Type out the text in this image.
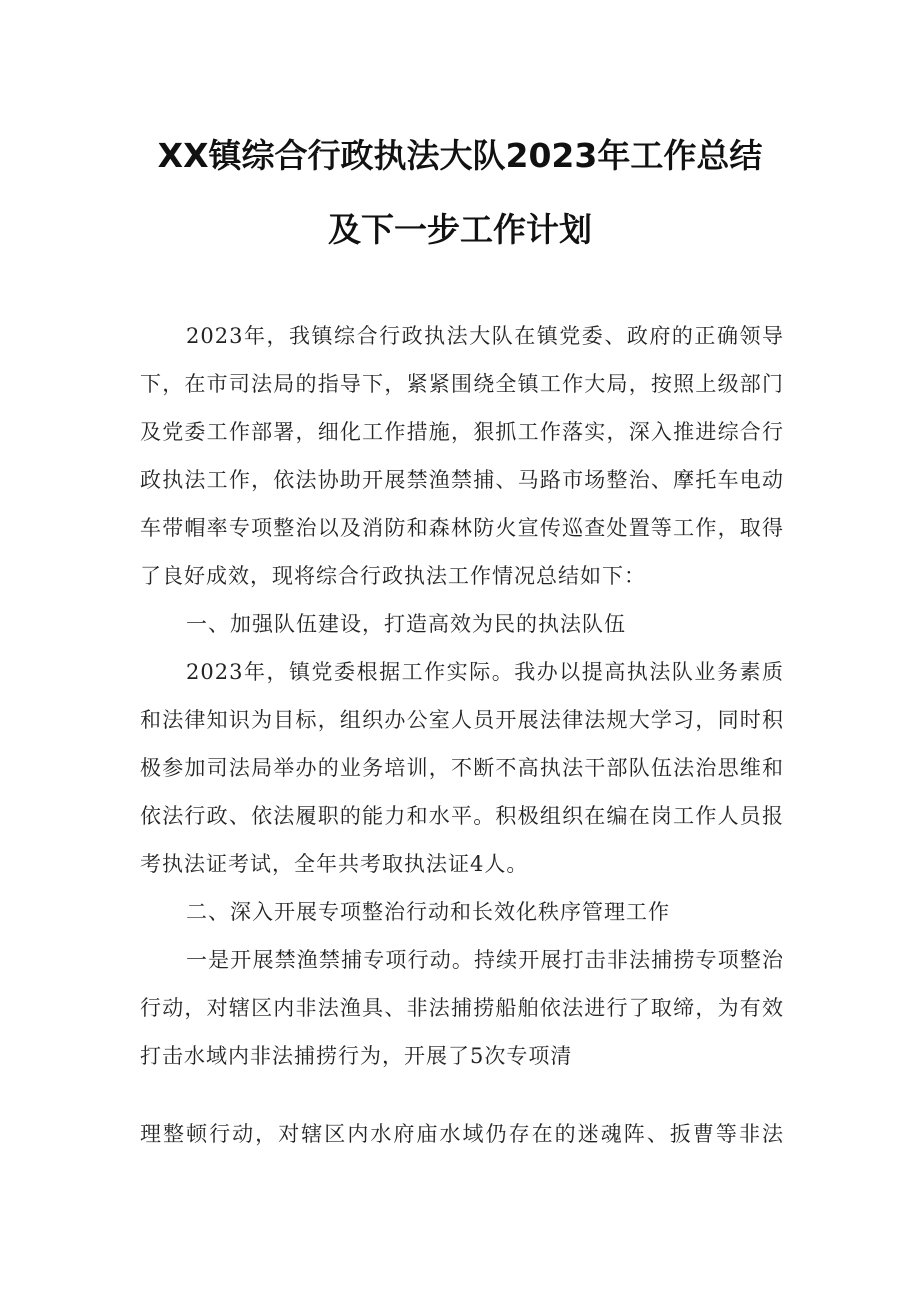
XX镇综合行政执法大队2023年工作总结
及下一步工作计划

2023年，我镇综合行政执法大队在镇党委、政府的正确领导下，在市司法局的指导下，紧紧围绕全镇工作大局，按照上级部门及党委工作部署，细化工作措施，狠抓工作落实，深入推进综合行政执法工作，依法协助开展禁渔禁捕、马路市场整治、摩托车电动车带帽率专项整治以及消防和森林防火宣传巡查处置等工作，取得了良好成效，现将综合行政执法工作情况总结如下：

一、加强队伍建设，打造高效为民的执法队伍

2023年，镇党委根据工作实际。我办以提高执法队业务素质和法律知识为目标，组织办公室人员开展法律法规大学习，同时积极参加司法局举办的业务培训，不断不高执法干部队伍法治思维和依法行政、依法履职的能力和水平。积极组织在编在岗工作人员报考执法证考试，全年共考取执法证4人。

二、深入开展专项整治行动和长效化秩序管理工作

一是开展禁渔禁捕专项行动。持续开展打击非法捕捞专项整治行动，对辖区内非法渔具、非法捕捞船舶依法进行了取缔，为有效打击水域内非法捕捞行为，开展了5次专项清

理整顿行动，对辖区内水府庙水域仍存在的迷魂阵、扳曹等非法
